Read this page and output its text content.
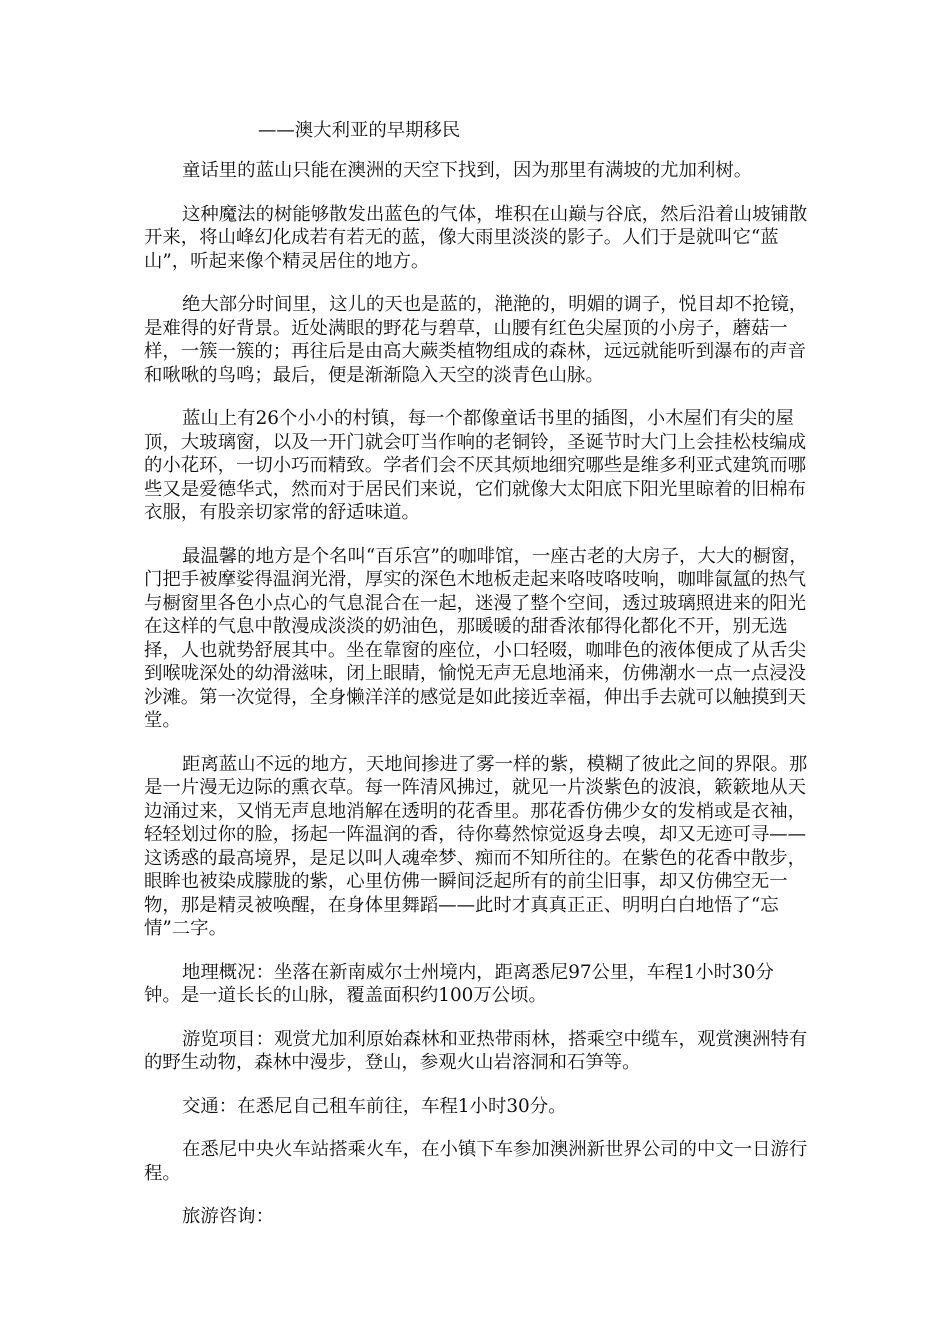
——澳大利亚的早期移民

童话里的蓝山只能在澳洲的天空下找到，因为那里有满坡的尤加利树。

这种魔法的树能够散发出蓝色的气体，堆积在山巅与谷底，然后沿着山坡铺散开来，将山峰幻化成若有若无的蓝，像大雨里淡淡的影子。人们于是就叫它“蓝山”，听起来像个精灵居住的地方。

绝大部分时间里，这儿的天也是蓝的，滟滟的，明媚的调子，悦目却不抢镜，是难得的好背景。近处满眼的野花与碧草，山腰有红色尖屋顶的小房子，蘑菇一样，一簇一簇的；再往后是由高大蕨类植物组成的森林，远远就能听到瀑布的声音和啾啾的鸟鸣；最后，便是渐渐隐入天空的淡青色山脉。

蓝山上有26个小小的村镇，每一个都像童话书里的插图，小木屋们有尖的屋顶，大玻璃窗，以及一开门就会叮当作响的老铜铃，圣诞节时大门上会挂松枝编成的小花环，一切小巧而精致。学者们会不厌其烦地细究哪些是维多利亚式建筑而哪些又是爱德华式，然而对于居民们来说，它们就像大太阳底下阳光里晾着的旧棉布衣服，有股亲切家常的舒适味道。

最温馨的地方是个名叫“百乐宫”的咖啡馆，一座古老的大房子，大大的橱窗，门把手被摩娑得温润光滑，厚实的深色木地板走起来咯吱咯吱响，咖啡氤氲的热气与橱窗里各色小点心的气息混合在一起，迷漫了整个空间，透过玻璃照进来的阳光在这样的气息中散漫成淡淡的奶油色，那暖暖的甜香浓郁得化都化不开，别无选择，人也就势舒展其中。坐在靠窗的座位，小口轻啜，咖啡色的液体便成了从舌尖到喉咙深处的幼滑滋味，闭上眼睛，愉悦无声无息地涌来，仿佛潮水一点一点浸没沙滩。第一次觉得，全身懒洋洋的感觉是如此接近幸福，伸出手去就可以触摸到天堂。

距离蓝山不远的地方，天地间掺进了雾一样的紫，模糊了彼此之间的界限。那是一片漫无边际的熏衣草。每一阵清风拂过，就见一片淡紫色的波浪，簌簌地从天边涌过来，又悄无声息地消解在透明的花香里。那花香仿佛少女的发梢或是衣袖，轻轻划过你的脸，扬起一阵温润的香，待你蓦然惊觉返身去嗅，却又无迹可寻——这诱惑的最高境界，是足以叫人魂牵梦、痴而不知所往的。在紫色的花香中散步，眼眸也被染成朦胧的紫，心里仿佛一瞬间泛起所有的前尘旧事，却又仿佛空无一物，那是精灵被唤醒，在身体里舞蹈——此时才真真正正、明明白白地悟了“忘情”二字。

地理概况：坐落在新南威尔士州境内，距离悉尼97公里，车程1小时30分钟。是一道长长的山脉，覆盖面积约100万公顷。

游览项目：观赏尤加利原始森林和亚热带雨林，搭乘空中缆车，观赏澳洲特有的野生动物，森林中漫步，登山，参观火山岩溶洞和石笋等。

交通：在悉尼自己租车前往，车程1小时30分。

在悉尼中央火车站搭乘火车，在小镇下车参加澳洲新世界公司的中文一日游行程。

旅游咨询：
